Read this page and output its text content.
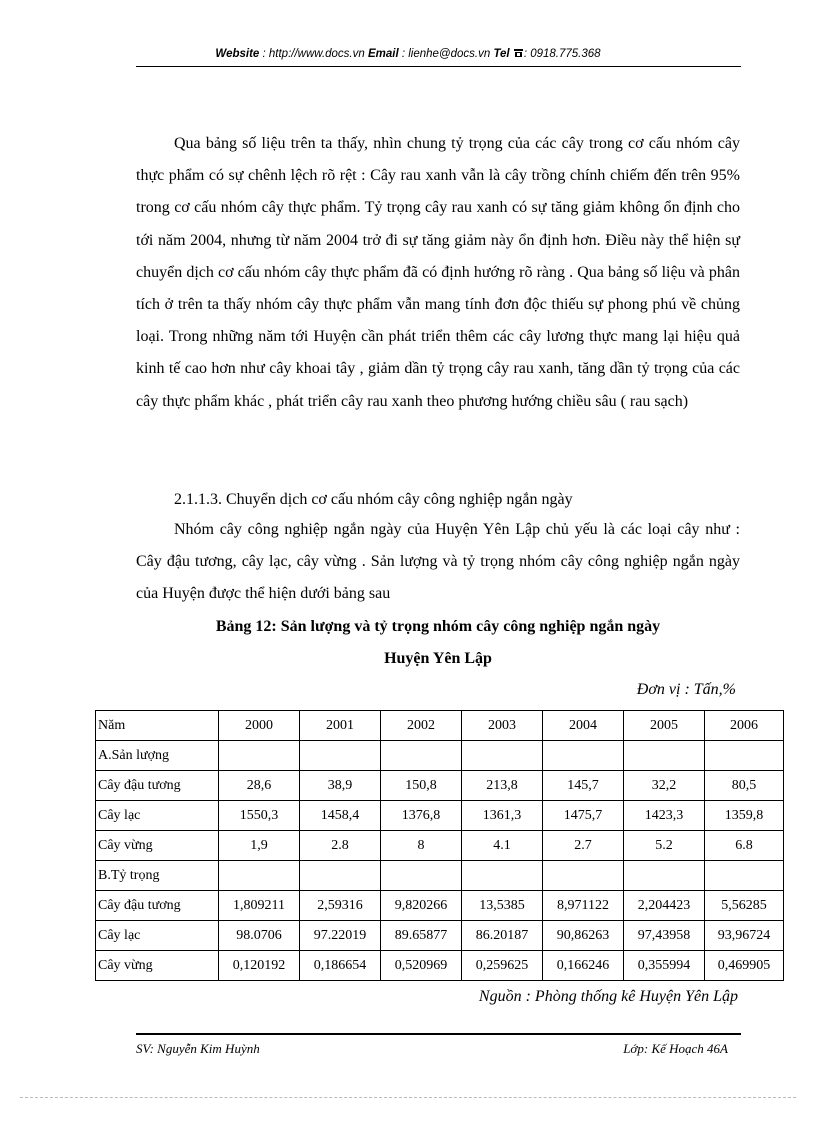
Website : http://www.docs.vn Email : lienhe@docs.vn Tel : 0918.775.368
Qua bảng số liệu trên ta thấy, nhìn chung tỷ trọng của các cây trong cơ cấu nhóm cây thực phẩm có sự chênh lệch rõ rệt : Cây rau xanh vẫn là cây trồng chính chiếm đến trên 95% trong cơ cấu nhóm cây thực phẩm. Tỷ trọng cây rau xanh có sự tăng giảm không ổn định cho tới năm 2004, nhưng từ năm 2004 trở đi sự tăng giảm này ổn định hơn. Điều này thể hiện sự chuyển dịch cơ cấu nhóm cây thực phẩm đã có định hướng rõ ràng . Qua bảng số liệu và phân tích ở trên ta thấy nhóm cây thực phẩm vẫn mang tính đơn độc thiếu sự phong phú về chủng loại. Trong những năm tới Huyện cần phát triển thêm các cây lương thực mang lại hiệu quả kinh tế cao hơn như cây khoai tây , giảm dần tỷ trọng cây rau xanh, tăng dần tỷ trọng của các cây thực phẩm khác , phát triển cây rau xanh theo phương hướng chiều sâu ( rau sạch)
2.1.1.3. Chuyển dịch cơ cấu nhóm cây công nghiệp ngắn ngày
Nhóm cây công nghiệp ngắn ngày của Huyện Yên Lập chủ yếu là các loại cây như : Cây đậu tương, cây lạc, cây vừng . Sản lượng và tỷ trọng nhóm cây công nghiệp ngắn ngày của Huyện được thể hiện dưới bảng sau
Bảng 12: Sản lượng và tỷ trọng nhóm cây công nghiệp ngắn ngày
Huyện Yên Lập
Đơn vị : Tấn,%
Năm	2000	2001	2002	2003	2004	2005	2006
A.Sản lượng							
Cây đậu tương	28,6	38,9	150,8	213,8	145,7	32,2	80,5
Cây lạc	1550,3	1458,4	1376,8	1361,3	1475,7	1423,3	1359,8
Cây vừng	1,9	2.8	8	4.1	2.7	5.2	6.8
B.Tỷ trọng							
Cây đậu tương	1,809211	2,59316	9,820266	13,5385	8,971122	2,204423	5,56285
Cây lạc	98.0706	97.22019	89.65877	86.20187	90,86263	97,43958	93,96724
Cây vừng	0,120192	0,186654	0,520969	0,259625	0,166246	0,355994	0,469905
Nguồn : Phòng thống kê Huyện Yên Lập
SV: Nguyễn Kim Huỳnh	Lớp: Kế Hoạch 46A
